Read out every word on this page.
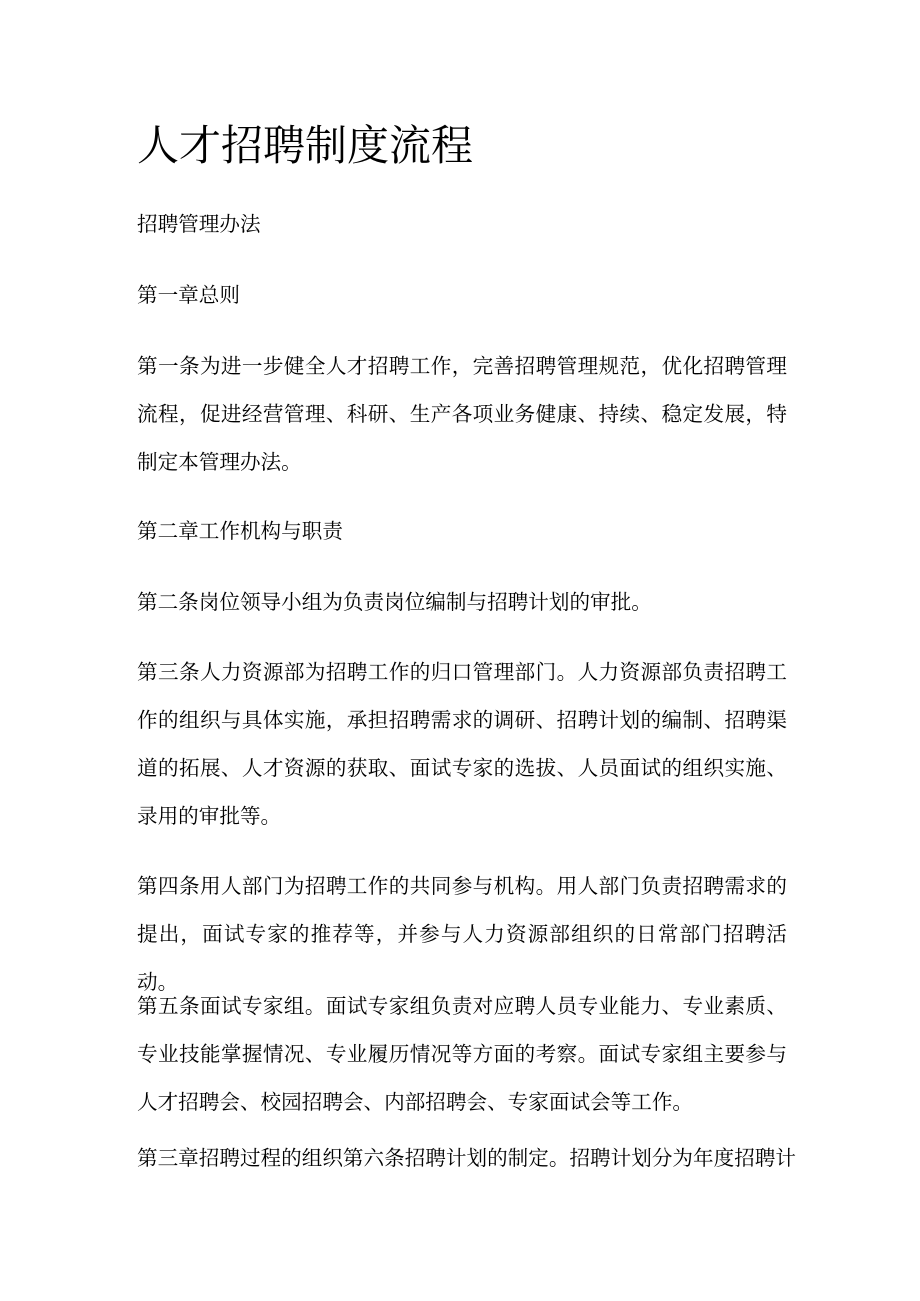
人才招聘制度流程

招聘管理办法

第一章总则

第一条为进一步健全人才招聘工作，完善招聘管理规范，优化招聘管理流程，促进经营管理、科研、生产各项业务健康、持续、稳定发展，特制定本管理办法。

第二章工作机构与职责

第二条岗位领导小组为负责岗位编制与招聘计划的审批。

第三条人力资源部为招聘工作的归口管理部门。人力资源部负责招聘工作的组织与具体实施，承担招聘需求的调研、招聘计划的编制、招聘渠道的拓展、人才资源的获取、面试专家的选拔、人员面试的组织实施、录用的审批等。

第四条用人部门为招聘工作的共同参与机构。用人部门负责招聘需求的提出，面试专家的推荐等，并参与人力资源部组织的日常部门招聘活动。

第五条面试专家组。面试专家组负责对应聘人员专业能力、专业素质、专业技能掌握情况、专业履历情况等方面的考察。面试专家组主要参与人才招聘会、校园招聘会、内部招聘会、专家面试会等工作。

第三章招聘过程的组织第六条招聘计划的制定。招聘计划分为年度招聘计
